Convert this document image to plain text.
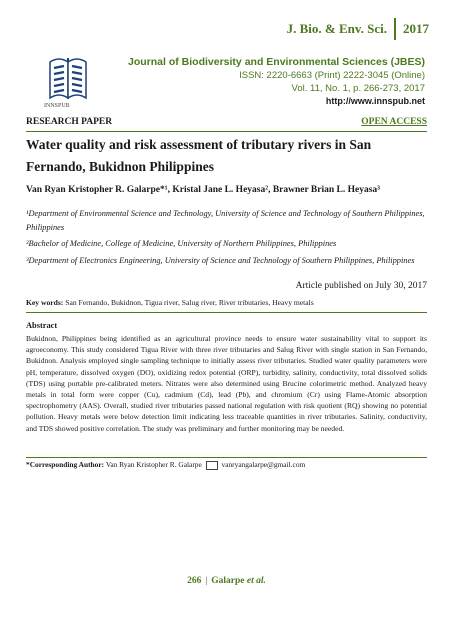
J. Bio. & Env. Sci. 2017
INNSPUB
Journal of Biodiversity and Environmental Sciences (JBES)
ISSN: 2220-6663 (Print) 2222-3045 (Online)
Vol. 11, No. 1, p. 266-273, 2017
http://www.innspub.net
RESEARCH PAPER	OPEN ACCESS
Water quality and risk assessment of tributary rivers in San Fernando, Bukidnon Philippines
Van Ryan Kristopher R. Galarpe*¹, Kristal Jane L. Heyasa², Brawner Brian L. Heyasa³

¹Department of Environmental Science and Technology, University of Science and Technology of Southern Philippines, Philippines

²Bachelor of Medicine, College of Medicine, University of Northern Philippines, Philippines

³Department of Electronics Engineering, University of Science and Technology of Southern Philippines, Philippines

Article published on July 30, 2017
Key words: San Fernando, Bukidnon, Tigua river, Salug river, River tributaries, Heavy metals
Abstract

Bukidnon, Philippines being identified as an agricultural province needs to ensure water sustainability vital to support its agroeconomy. This study considered Tigua River with three river tributaries and Salug River with single station in San Fernando, Bukidnon. Analysis employed single sampling technique to initially assess river tributaries. Studied water quality parameters were pH, temperature, dissolved oxygen (DO), oxidizing redox potential (ORP), turbidity, salinity, conductivity, total dissolved solids (TDS) using portable pre-calibrated meters. Nitrates were also determined using Brucine colorimetric method. Analyzed heavy metals in total form were copper (Cu), cadmium (Cd), lead (Pb), and chromium (Cr) using Flame-Atomic absorption spectrophometry (AAS). Overall, studied river tributaries passed national regulation with risk quotient (RQ) showing no potential pollution. Heavy metals were below detection limit indicating less traceable quantities in river tributaries. Salinity, conductivity, and TDS showed positive correlation. The study was preliminary and further monitoring may be needed.

*Corresponding Author: Van Ryan Kristopher R. Galarpe	vanryangalarpe@gmail.com
266 | Galarpe et al.
